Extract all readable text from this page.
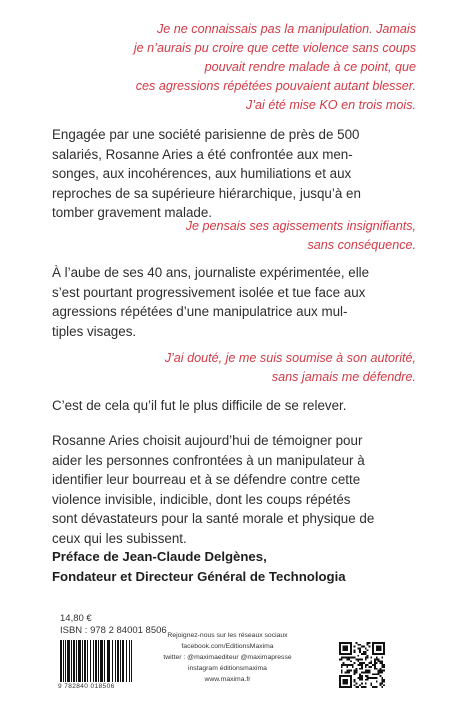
Je ne connaissais pas la manipulation. Jamais
je n’aurais pu croire que cette violence sans coups
pouvait rendre malade à ce point, que
ces agressions répétées pouvaient autant blesser.
J’ai été mise KO en trois mois.
Engagée par une société parisienne de près de 500
salariés, Rosanne Aries a été confrontée aux men-
songes, aux incohérences, aux humiliations et aux
reproches de sa supérieure hiérarchique, jusqu’à en
tomber gravement malade.
Je pensais ses agissements insignifiants,
sans conséquence.
À l’aube de ses 40 ans, journaliste expérimentée, elle
s’est pourtant progressivement isolée et tue face aux
agressions répétées d’une manipulatrice aux mul-
tiples visages.
J’ai douté, je me suis soumise à son autorité,
sans jamais me défendre.
C’est de cela qu’il fut le plus difficile de se relever.
Rosanne Aries choisit aujourd’hui de témoigner pour
aider les personnes confrontées à un manipulateur à
identifier leur bourreau et à se défendre contre cette
violence invisible, indicible, dont les coups répétés
sont dévastateurs pour la santé morale et physique de
ceux qui les subissent.
Préface de Jean-Claude Delgènes,
Fondateur et Directeur Général de Technologia
14,80 €
ISBN : 978 2 84001 8506
9 782840 018506
Rejoignez-nous sur les réseaux sociaux
facebook.com/EditionsMaxima
twitter : @maximaediteur @maximapresse
instagram éditionsmaxima
www.maxima.fr
